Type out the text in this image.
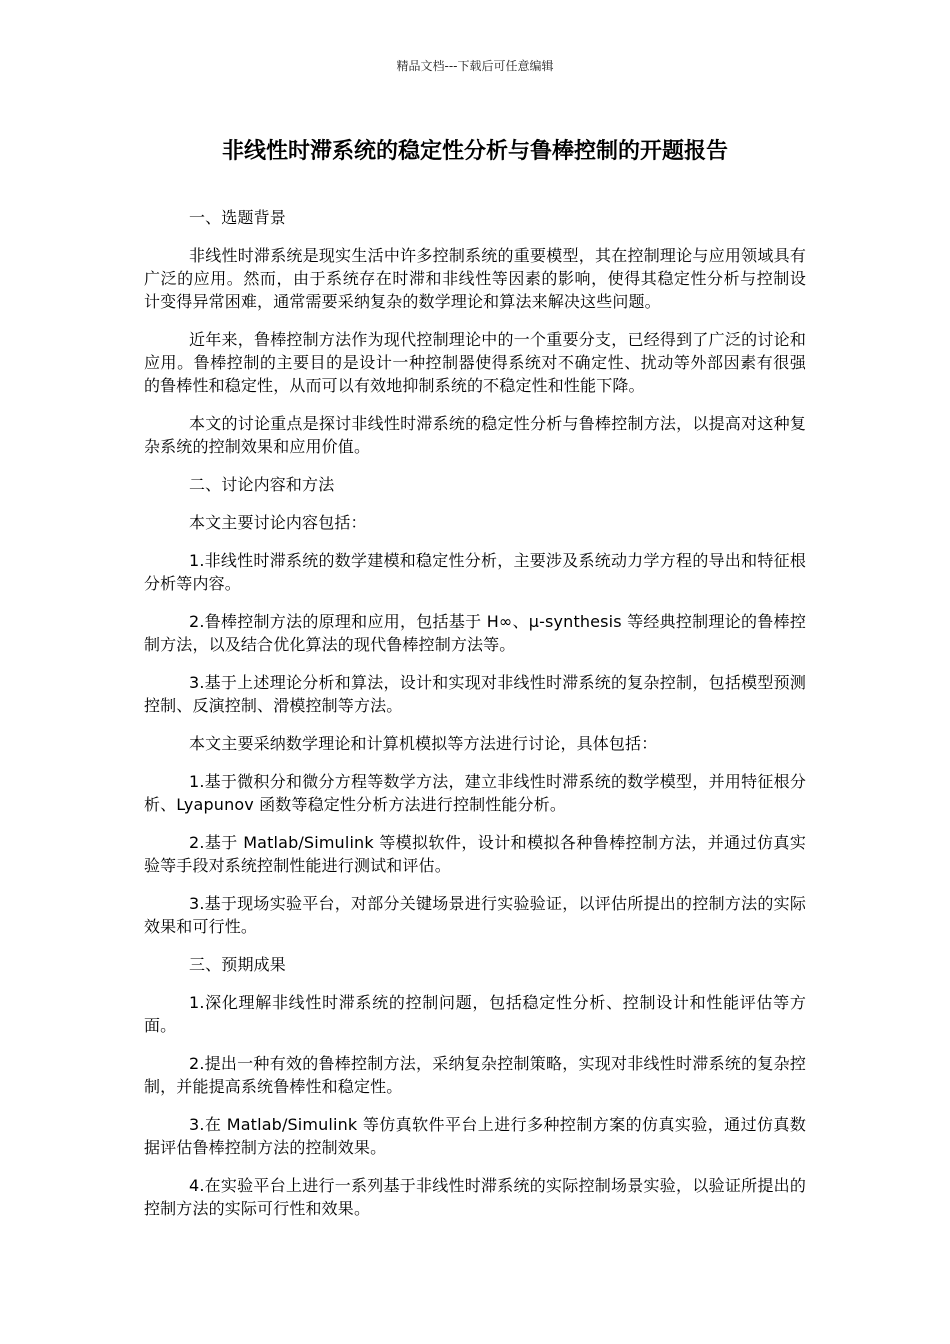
精品文档---下载后可任意编辑
非线性时滞系统的稳定性分析与鲁棒控制的开题报告

一、选题背景

非线性时滞系统是现实生活中许多控制系统的重要模型，其在控制理论与应用领域具有广泛的应用。然而，由于系统存在时滞和非线性等因素的影响，使得其稳定性分析与控制设计变得异常困难，通常需要采纳复杂的数学理论和算法来解决这些问题。

近年来，鲁棒控制方法作为现代控制理论中的一个重要分支，已经得到了广泛的讨论和应用。鲁棒控制的主要目的是设计一种控制器使得系统对不确定性、扰动等外部因素有很强的鲁棒性和稳定性，从而可以有效地抑制系统的不稳定性和性能下降。

本文的讨论重点是探讨非线性时滞系统的稳定性分析与鲁棒控制方法，以提高对这种复杂系统的控制效果和应用价值。

二、讨论内容和方法

本文主要讨论内容包括：

1.非线性时滞系统的数学建模和稳定性分析，主要涉及系统动力学方程的导出和特征根分析等内容。

2.鲁棒控制方法的原理和应用，包括基于 H∞、μ-synthesis 等经典控制理论的鲁棒控制方法，以及结合优化算法的现代鲁棒控制方法等。

3.基于上述理论分析和算法，设计和实现对非线性时滞系统的复杂控制，包括模型预测控制、反演控制、滑模控制等方法。

本文主要采纳数学理论和计算机模拟等方法进行讨论，具体包括：

1.基于微积分和微分方程等数学方法，建立非线性时滞系统的数学模型，并用特征根分析、Lyapunov 函数等稳定性分析方法进行控制性能分析。

2.基于 Matlab/Simulink 等模拟软件，设计和模拟各种鲁棒控制方法，并通过仿真实验等手段对系统控制性能进行测试和评估。

3.基于现场实验平台，对部分关键场景进行实验验证，以评估所提出的控制方法的实际效果和可行性。

三、预期成果

1.深化理解非线性时滞系统的控制问题，包括稳定性分析、控制设计和性能评估等方面。

2.提出一种有效的鲁棒控制方法，采纳复杂控制策略，实现对非线性时滞系统的复杂控制，并能提高系统鲁棒性和稳定性。

3.在 Matlab/Simulink 等仿真软件平台上进行多种控制方案的仿真实验，通过仿真数据评估鲁棒控制方法的控制效果。

4.在实验平台上进行一系列基于非线性时滞系统的实际控制场景实验，以验证所提出的控制方法的实际可行性和效果。
